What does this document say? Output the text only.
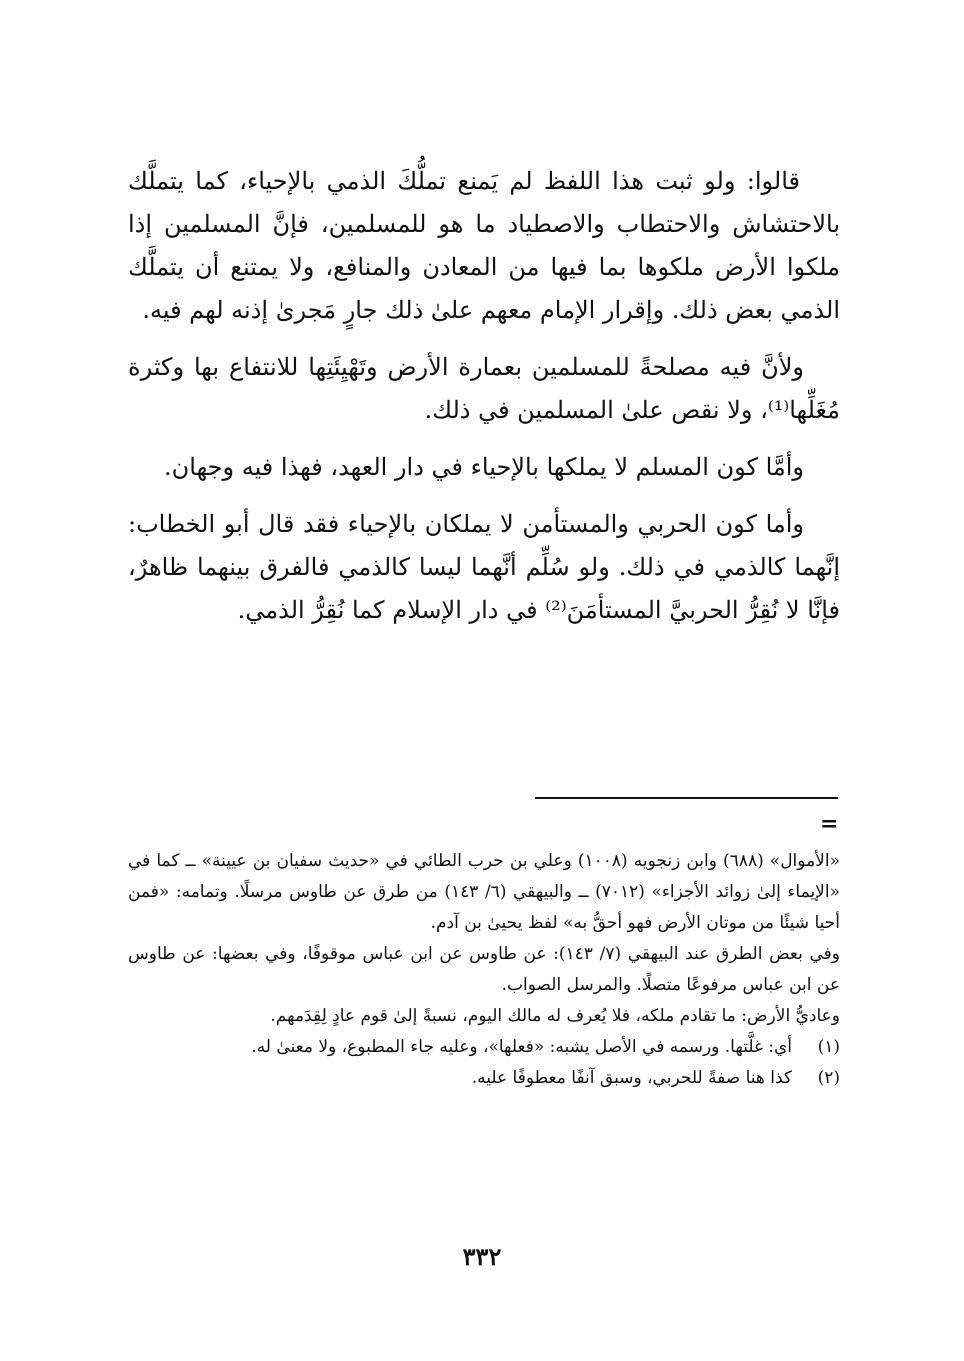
قالوا: ولو ثبت هذا اللفظ لم يَمنع تملُّكَ الذمي بالإحياء، كما يتملَّك بالاحتشاش والاحتطاب والاصطياد ما هو للمسلمين، فإنَّ المسلمين إذا ملكوا الأرض ملكوها بما فيها من المعادن والمنافع، ولا يمتنع أن يتملَّك الذمي بعض ذلك. وإقرار الإمام معهم علىٰ ذلك جارٍ مَجرىٰ إذنه لهم فيه.

ولأنَّ فيه مصلحةً للمسلمين بعمارة الأرض وتَهْيِئَتِها للانتفاع بها وكثرة مُغَلِّها⁽¹⁾، ولا نقص علىٰ المسلمين في ذلك.

وأمَّا كون المسلم لا يملكها بالإحياء في دار العهد، فهذا فيه وجهان.

وأما كون الحربي والمستأمن لا يملكان بالإحياء فقد قال أبو الخطاب: إنَّهما كالذمي في ذلك. ولو سُلِّم أنَّهما ليسا كالذمي فالفرق بينهما ظاهرٌ، فإنَّا لا نُقِرُّ الحربيَّ المستأمَنَ⁽²⁾ في دار الإسلام كما نُقِرُّ الذمي.

=

«الأموال» (٦٨٨) وابن زنجويه (١٠٠٨) وعلي بن حرب الطائي في «حديث سفيان بن عيينة» ــ كما في «الإيماء إلىٰ زوائد الأجزاء» (٧٠١٢) ــ والبيهقي (٦/ ١٤٣) من طرق عن طاوس مرسلًا. وتمامه: «فمن أحيا شيئًا من موتان الأرض فهو أحقُّ به» لفظ يحيىٰ بن آدم.

وفي بعض الطرق عند البيهقي (٧/ ١٤٣): عن طاوس عن ابن عباس موقوفًا، وفي بعضها: عن طاوس عن ابن عباس مرفوعًا متصلًا. والمرسل الصواب.

وعاديُّ الأرض: ما تقادم ملكه، فلا يُعرف له مالك اليوم، نسبةً إلىٰ قوم عادٍ لِقِدَمهم.

(١)
أي: غلَّتها. ورسمه في الأصل يشبه: «فعلها»، وعليه جاء المطبوع، ولا معنىٰ له.
(٢)
كذا هنا صفةً للحربي، وسبق آنفًا معطوفًا عليه.
٣٣٢
